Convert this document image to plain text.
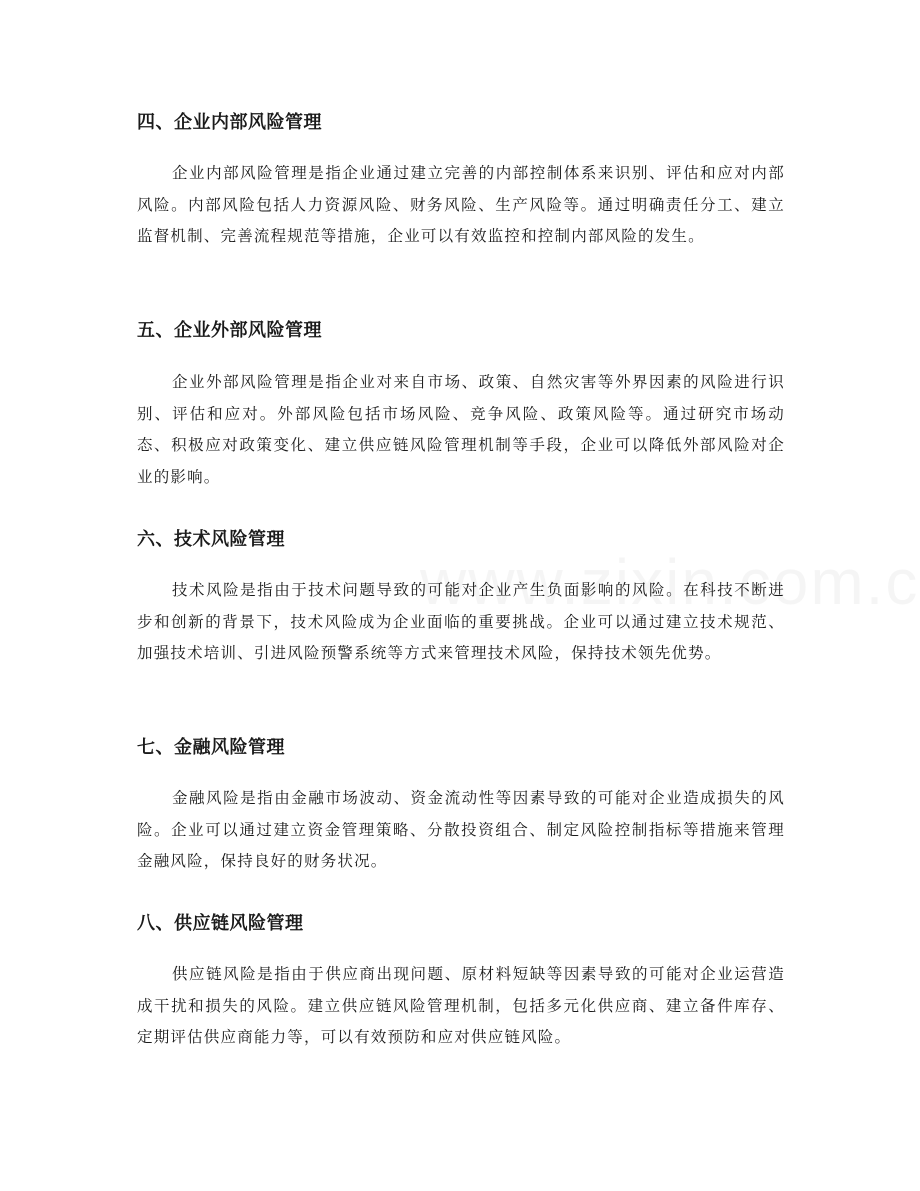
四、企业内部风险管理
企业内部风险管理是指企业通过建立完善的内部控制体系来识别、评估和应对内部风险。内部风险包括人力资源风险、财务风险、生产风险等。通过明确责任分工、建立监督机制、完善流程规范等措施，企业可以有效监控和控制内部风险的发生。
五、企业外部风险管理
企业外部风险管理是指企业对来自市场、政策、自然灾害等外界因素的风险进行识别、评估和应对。外部风险包括市场风险、竞争风险、政策风险等。通过研究市场动态、积极应对政策变化、建立供应链风险管理机制等手段，企业可以降低外部风险对企业的影响。
六、技术风险管理
技术风险是指由于技术问题导致的可能对企业产生负面影响的风险。在科技不断进步和创新的背景下，技术风险成为企业面临的重要挑战。企业可以通过建立技术规范、加强技术培训、引进风险预警系统等方式来管理技术风险，保持技术领先优势。
七、金融风险管理
金融风险是指由金融市场波动、资金流动性等因素导致的可能对企业造成损失的风险。企业可以通过建立资金管理策略、分散投资组合、制定风险控制指标等措施来管理金融风险，保持良好的财务状况。
八、供应链风险管理
供应链风险是指由于供应商出现问题、原材料短缺等因素导致的可能对企业运营造成干扰和损失的风险。建立供应链风险管理机制，包括多元化供应商、建立备件库存、定期评估供应商能力等，可以有效预防和应对供应链风险。
